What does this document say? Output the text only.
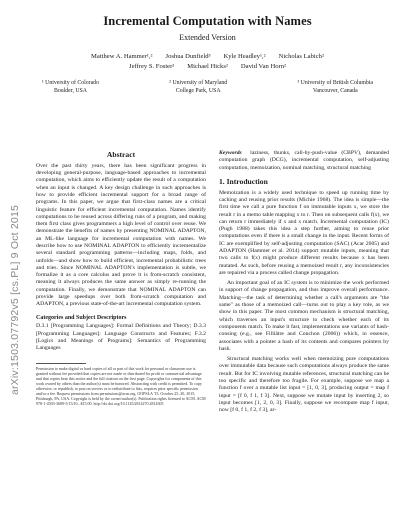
arXiv:1503.07792v5 [cs.PL] 9 Oct 2015
Incremental Computation with Names
Extended Version
Matthew A. Hammer¹,² Joshua Dunfield³ Kyle Headley¹,² Nicholas Labich²
Jeffrey S. Foster² Michael Hicks² David Van Horn²
¹ University of Colorado
Boulder, USA
² University of Maryland
College Park, USA
³ University of British Columbia
Vancouver, Canada
Abstract

Over the past thirty years, there has been significant progress in developing general-purpose, language-based approaches to incremental computation, which aims to efficiently update the result of a computation when an input is changed. A key design challenge in such approaches is how to provide efficient incremental support for a broad range of programs. In this paper, we argue that first-class names are a critical linguistic feature for efficient incremental computation. Names identify computations to be reused across differing runs of a program, and making them first class gives programmers a high level of control over reuse. We demonstrate the benefits of names by presenting NOMINAL ADAPTON, an ML-like language for incremental computation with names. We describe how to use NOMINAL ADAPTON to efficiently incrementalize several standard programming patterns—including maps, folds, and unfolds—and show how to build efficient, incremental probabilistic trees and tries. Since NOMINAL ADAPTON's implementation is subtle, we formalize it as a core calculus and prove it is from-scratch consistent, meaning it always produces the same answer as simply re-running the computation. Finally, we demonstrate that NOMINAL ADAPTON can provide large speedups over both from-scratch computation and ADAPTON, a previous state-of-the-art incremental computation system.

Categories and Subject Descriptors

D.3.1 [Programming Languages]: Formal Definitions and Theory; D.3.3 [Programming Languages]: Language Constructs and Features; F.3.2 [Logics and Meanings of Programs]: Semantics of Programming Languages

Permission to make digital or hard copies of all or part of this work for personal or classroom use is granted without fee provided that copies are not made or distributed for profit or commercial advantage and that copies bear this notice and the full citation on the first page. Copyrights for components of this work owned by others than the author(s) must be honored. Abstracting with credit is permitted. To copy otherwise, or republish, to post on servers or to redistribute to lists, requires prior specific permission and/or a fee. Request permissions from permissions@acm.org. OOPSLA '15, October 25–30, 2015, Pittsburgh, PA, USA. Copyright is held by the owner/author(s). Publication rights licensed to ACM. ACM 978-1-4503-3689-5/15/10...$15.00. http://dx.doi.org/10.1145/2814270.2814305

Keywords laziness, thunks, call-by-push-value (CBPV), demanded computation graph (DCG), incremental computation, self-adjusting computation, memoization, nominal matching, structural matching

1. Introduction

Memoization is a widely used technique to speed up running time by caching and reusing prior results (Michie 1968). The idea is simple—the first time we call a pure function f on immutable inputs x, we store the result r in a memo table mapping x to r. Then on subsequent calls f(x), we can return r immediately if x and x match. Incremental computation (IC) (Pugh 1988) takes this idea a step further, aiming to reuse prior computations even if there is a small change in the input. Recent forms of IC are exemplified by self-adjusting computation (SAC) (Acar 2005) and ADAPTON (Hammer et al. 2014) support mutable inputs, meaning that two calls to f(x) might produce different results because x has been mutated. As such, before reusing a memoized result r, any inconsistencies are repaired via a process called change propagation.

An important goal of an IC system is to minimize the work performed in support of change propagation, and thus improve overall performance. Matching—the task of determining whether a call's arguments are "the same" as those of a memoized call—turns out to play a key role, as we show in this paper. The most common mechanism is structural matching, which traverses an input's structure to check whether each of its components match. To make it fast, implementations use variants of hash-consing (e.g., see Filliâtre and Conchon (2006)) which, in essence, associates with a pointer a hash of its contents and compares pointers by hash.

Structural matching works well when memoizing pure computations over immutable data because such computations always produce the same result. But for IC involving mutable references, structural matching can be too specific and therefore too fragile. For example, suppose we map a function f over a mutable list input = [1, 0, 3], producing output = map f input = [f 0, f 1, f 3]. Next, suppose we mutate input by inserting 2, so input becomes [1, 2, 0, 3]. Finally, suppose we recompute map f input, now [f 0, f 1, f 2, f 3], ar-
